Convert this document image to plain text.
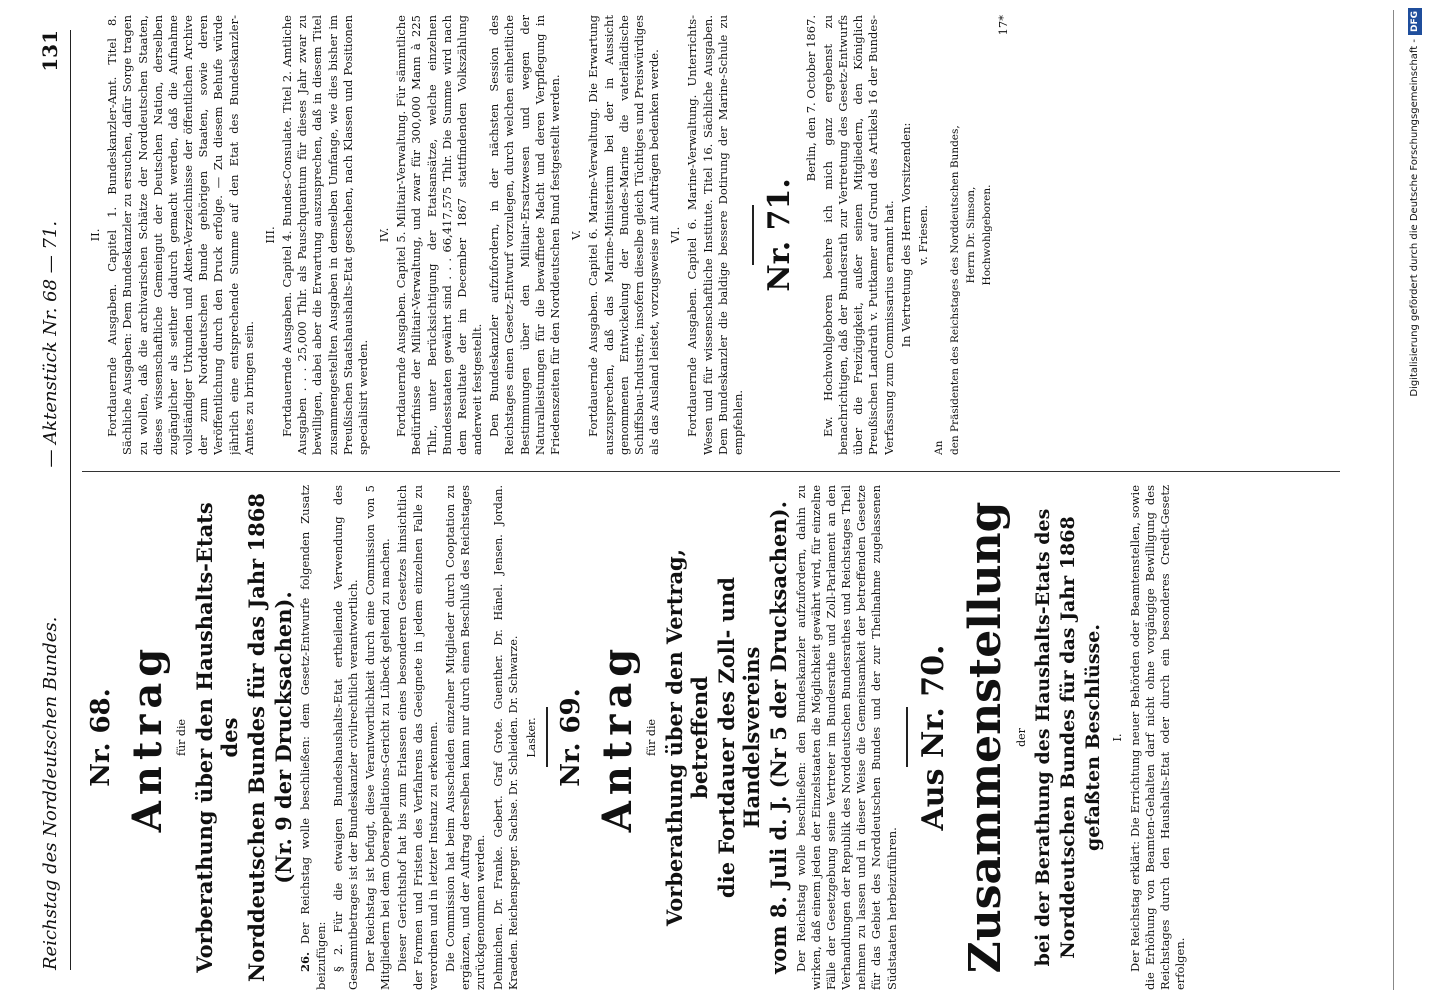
Reichstag des Norddeutschen Bundes.
— Aktenstück Nr. 68 — 71.
131
Nr. 68. Antrag für die Vorberathung über den Haushalts-Etats des Norddeutschen Bundes für das Jahr 1868 (Nr. 9 der Drucksachen).

26. Der Reichstag wolle beschließen: dem Gesetz-Entwurfe folgenden Zusatz beizufügen: § 2. Für die etwaigen Bundeshaushalts-Etat ertheilende Verwendung des Gesammtbetrages ist der Bundeskanzler civilrechtlich verantwortlich. Der Reichstag ist befugt, diese Verantwortlichkeit durch eine Commission von 5 Mitgliedern bei dem Oberappellations-Gericht zu Lübeck geltend zu machen. Dieser Gerichtshof hat bis zum Erlassen eines besonderen Gesetzes hinsichtlich der Formen und Fristen des Verfahrens das Geeignete in jedem einzelnen Falle zu verordnen und in letzter Instanz zu erkennen. Die Commission hat beim Ausscheiden einzelner Mitglieder durch Cooptation zu ergänzen, und der Auftrag derselben kann nur durch einen Beschluß des Reichstages zurückgenommen werden. Dehmichen. Dr. Franke. Gebert. Graf Grote. Guenther. Dr. Hänel. Jensen. Jordan. Kraeden. Reichensperger. Sachse. Dr. Schleiden. Dr. Schwarze. Lasker. Nr. 69. Antrag für die Vorberathung über den Vertrag, betreffend die Fortdauer des Zoll- und Handelsvereins vom 8. Juli d. J. (Nr 5 der Drucksachen). Der Reichstag wolle beschließen: den Bundeskanzler aufzufordern, dahin zu wirken, daß einem jeden der Einzelstaaten die Möglichkeit gewährt wird, für einzelne Fälle der Gesetzgebung seine Vertreter im Bundesrathe und Zoll-Parlament an den Verhandlungen der Republik des Norddeutschen Bundesrathes und Reichstages Theil nehmen zu lassen und in dieser Weise die Gemeinsamkeit der betreffenden Gesetze für das Gebiet des Norddeutschen Bundes und der zur Theilnahme zugelassenen Südstaaten herbeizuführen.

Aus Nr. 70. Zusammenstellung der bei der Berathung des Haushalts-Etats des Norddeutschen Bundes für das Jahr 1868 gefaßten Beschlüsse. I. Der Reichstag erklärt: Die Errichtung neuer Behörden oder Beamtenstellen, sowie die Erhöhung von Beamten-Gehalten darf nicht ohne vorgängige Bewilligung des Reichstages durch den Haushalts-Etat oder durch ein besonderes Credit-Gesetz erfolgen.

II. Fortdauernde Ausgaben. Capitel 1. Bundeskanzler-Amt. Titel 8. Sächliche Ausgaben: Dem Bundeskanzler zu ersuchen, dafür Sorge tragen zu wollen, daß die archivarischen Schätze der Norddeutschen Staaten, dieses wissenschaftliche Gemeingut der Deutschen Nation, derselben zugänglicher als seither dadurch gemacht werden, daß die Aufnahme vollständiger Urkunden und Akten-Verzeichnisse der öffentlichen Archive der zum Norddeutschen Bunde gehörigen Staaten, sowie deren Veröffentlichung durch den Druck erfolge. — Zu diesem Behufe würde jährlich eine entsprechende Summe auf den Etat des Bundeskanzler-Amtes zu bringen sein.

III. Fortdauernde Ausgaben. Capitel 4. Bundes-Consulate. Titel 2. Amtliche Ausgaben . . . 25,000 Thlr. als Pauschquantum für dieses Jahr zwar zu bewilligen, dabei aber die Erwartung auszusprechen, daß in diesem Titel zusammengestellten Ausgaben in demselben Umfange, wie dies bisher im Preußischen Staatshaushalts-Etat geschehen, nach Klassen und Positionen specialisirt werden.

IV. Fortdauernde Ausgaben. Capitel 5. Militair-Verwaltung. Für sämmtliche Bedürfnisse der Militair-Verwaltung, und zwar für 300,000 Mann à 225 Thlr., unter Berücksichtigung der Etatsansätze, welche einzelnen Bundesstaaten gewährt sind . . . 66,417,575 Thlr. Die Summe wird nach dem Resultate der im December 1867 stattfindenden Volkszählung anderweit festgestellt. Den Bundeskanzler aufzufordern, in der nächsten Session des Reichstages einen Gesetz-Entwurf vorzulegen, durch welchen einheitliche Bestimmungen über den Militair-Ersatzwesen und wegen der Naturalleistungen für die bewaffnete Macht und deren Verpflegung in Friedenszeiten für den Norddeutschen Bund festgestellt werden. V. Fortdauernde Ausgaben. Capitel 6. Marine-Verwaltung. Die Erwartung auszusprechen, daß das Marine-Ministerium bei der in Aussicht genommenen Entwickelung der Bundes-Marine die vaterländische Schiffsbau-Industrie, insofern dieselbe gleich Tüchtiges und Preiswürdiges als das Ausland leistet, vorzugsweise mit Aufträgen bedenken werde. VI. Fortdauernde Ausgaben. Capitel 6. Marine-Verwaltung. Unterrichts-Wesen und für wissenschaftliche Institute. Titel 16. Sächliche Ausgaben. Dem Bundeskanzler die baldige bessere Dotirung der Marine-Schule zu empfehlen.

Nr. 71.

Berlin, den 7. October 1867. Ew. Hochwohlgeboren beehre ich mich ganz ergebenst zu benachrichtigen, daß der Bundesrath zur Vertretung des Gesetz-Entwurfs über die Freizügigkeit, außer seinen Mitgliedern, den Königlich Preußischen Landrath v. Puttkamer auf Grund des Artikels 16 der Bundes-Verfassung zum Commissarius ernannt hat. In Vertretung des Herrn Vorsitzenden: v. Friesen.

An den Präsidenten des Reichstages des Norddeutschen Bundes, Herrn Dr. Simson, Hochwohlgeboren.

17*

Digitalisierung gefördert durch die Deutsche Forschungsgemeinschaft -DFG
